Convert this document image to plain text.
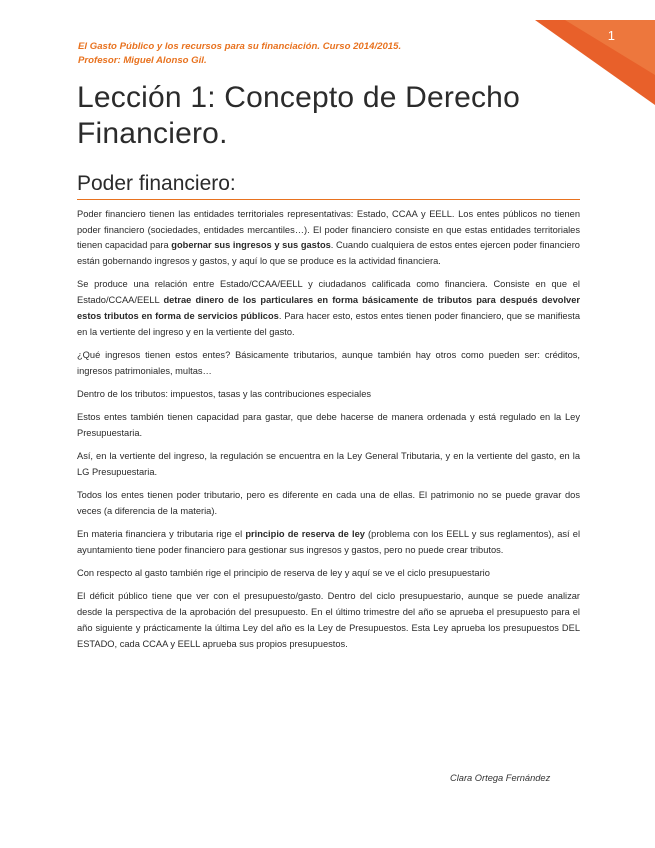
1
El Gasto Público y los recursos para su financiación. Curso 2014/2015.
Profesor: Miguel Alonso Gil.
Lección 1: Concepto de Derecho
Financiero.
Poder financiero:

Poder financiero tienen las entidades territoriales representativas: Estado, CCAA y EELL. Los entes públicos no tienen poder financiero (sociedades, entidades mercantiles…). El poder financiero consiste en que estas entidades territoriales tienen capacidad para gobernar sus ingresos y sus gastos. Cuando cualquiera de estos entes ejercen poder financiero están gobernando ingresos y gastos, y aquí lo que se produce es la actividad financiera.

Se produce una relación entre Estado/CCAA/EELL y ciudadanos calificada como financiera. Consiste en que el Estado/CCAA/EELL detrae dinero de los particulares en forma básicamente de tributos para después devolver estos tributos en forma de servicios públicos. Para hacer esto, estos entes tienen poder financiero, que se manifiesta en la vertiente del ingreso y en la vertiente del gasto.

¿Qué ingresos tienen estos entes? Básicamente tributarios, aunque también hay otros como pueden ser: créditos, ingresos patrimoniales, multas…

Dentro de los tributos: impuestos, tasas y las contribuciones especiales

Estos entes también tienen capacidad para gastar, que debe hacerse de manera ordenada y está regulado en la Ley Presupuestaria.

Así, en la vertiente del ingreso, la regulación se encuentra en la Ley General Tributaria, y en la vertiente del gasto, en la LG Presupuestaria.

Todos los entes tienen poder tributario, pero es diferente en cada una de ellas. El patrimonio no se puede gravar dos veces (a diferencia de la materia).

En materia financiera y tributaria rige el principio de reserva de ley (problema con los EELL y sus reglamentos), así el ayuntamiento tiene poder financiero para gestionar sus ingresos y gastos, pero no puede crear tributos.

Con respecto al gasto también rige el principio de reserva de ley y aquí se ve el ciclo presupuestario

El déficit público tiene que ver con el presupuesto/gasto. Dentro del ciclo presupuestario, aunque se puede analizar desde la perspectiva de la aprobación del presupuesto. En el último trimestre del año se aprueba el presupuesto para el año siguiente y prácticamente la última Ley del año es la Ley de Presupuestos. Esta Ley aprueba los presupuestos DEL ESTADO, cada CCAA y EELL aprueba sus propios presupuestos.

Clara Ortega Fernández
